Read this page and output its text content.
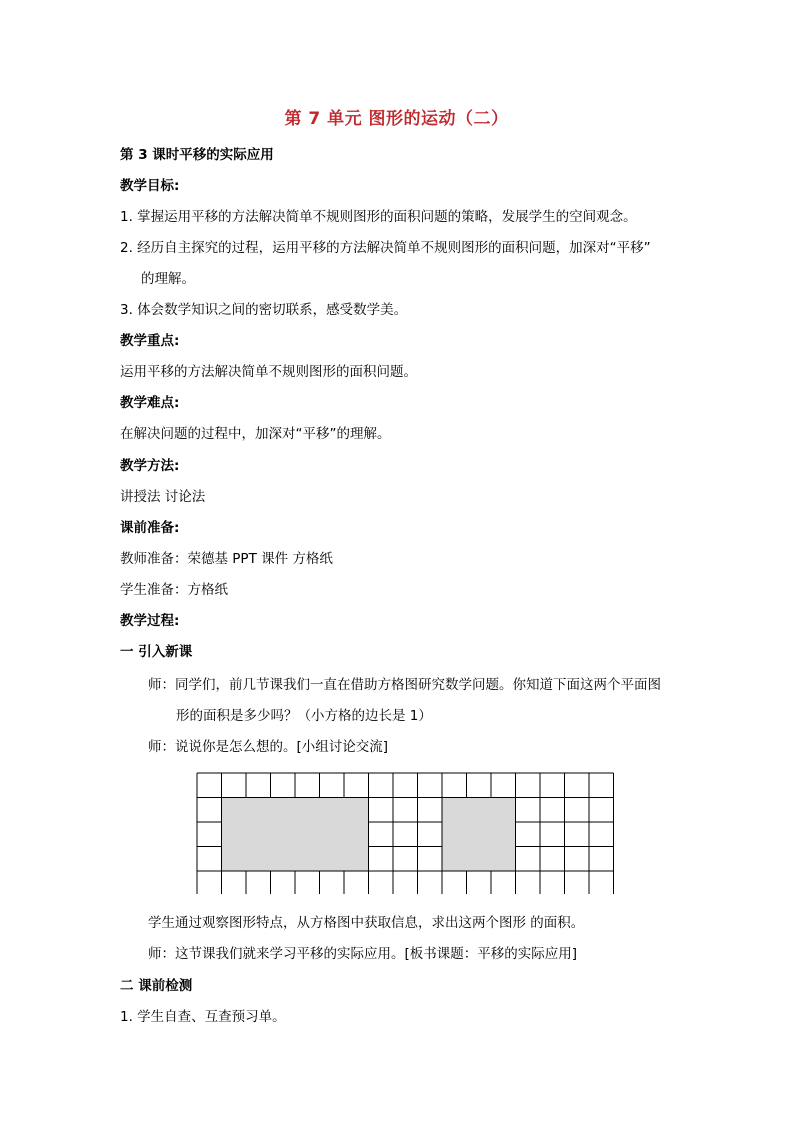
第 7 单元 图形的运动（二）
第 3 课时平移的实际应用
教学目标:
1. 掌握运用平移的方法解决简单不规则图形的面积问题的策略，发展学生的空间观念。
2. 经历自主探究的过程，运用平移的方法解决简单不规则图形的面积问题，加深对“平移”
的理解。
3. 体会数学知识之间的密切联系，感受数学美。
教学重点:
运用平移的方法解决简单不规则图形的面积问题。
教学难点:
在解决问题的过程中，加深对“平移”的理解。
教学方法:
讲授法 讨论法
课前准备:
教师准备：荣德基 PPT 课件 方格纸
学生准备：方格纸
教学过程:
一 引入新课
师：同学们，前几节课我们一直在借助方格图研究数学问题。你知道下面这两个平面图
形的面积是多少吗？（小方格的边长是 1）
师：说说你是怎么想的。[小组讨论交流]
学生通过观察图形特点，从方格图中获取信息，求出这两个图形 的面积。
师：这节课我们就来学习平移的实际应用。[板书课题：平移的实际应用]
二 课前检测
1. 学生自查、互查预习单。
